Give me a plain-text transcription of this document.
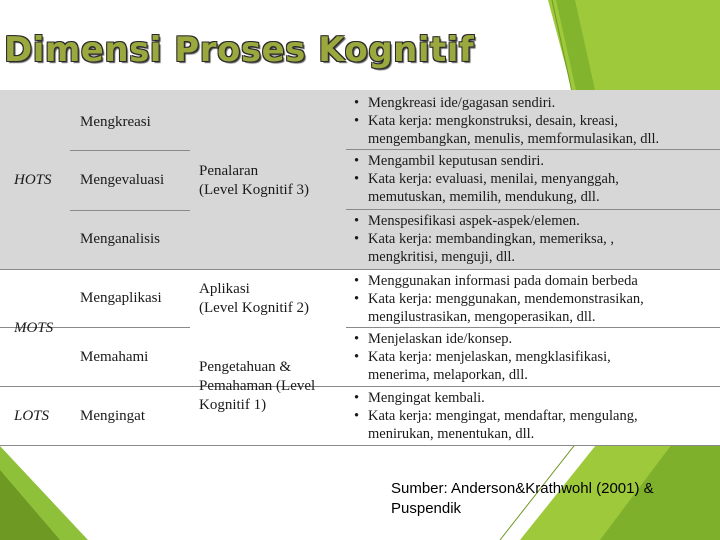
Dimensi Proses Kognitif
HOTS
MOTS
LOTS
Mengkreasi
Mengevaluasi
Menganalisis
Mengaplikasi
Memahami
Mengingat
Penalaran
(Level Kognitif 3)
Aplikasi
(Level Kognitif 2)
Pengetahuan &
Pemahaman (Level
Kognitif 1)
• Mengkreasi ide/gagasan sendiri.
• Kata kerja: mengkonstruksi, desain, kreasi,
mengembangkan, menulis, memformulasikan, dll.
• Mengambil keputusan sendiri.
• Kata kerja: evaluasi, menilai, menyanggah,
memutuskan, memilih, mendukung, dll.
• Menspesifikasi aspek-aspek/elemen.
• Kata kerja: membandingkan, memeriksa, ,
mengkritisi, menguji, dll.
• Menggunakan informasi pada domain berbeda
• Kata kerja: menggunakan, mendemonstrasikan,
mengilustrasikan, mengoperasikan, dll.
• Menjelaskan ide/konsep.
• Kata kerja: menjelaskan, mengklasifikasi,
menerima, melaporkan, dll.
• Mengingat kembali.
• Kata kerja: mengingat, mendaftar, mengulang,
menirukan, menentukan, dll.
Sumber: Anderson&Krathwohl (2001) &
Puspendik
